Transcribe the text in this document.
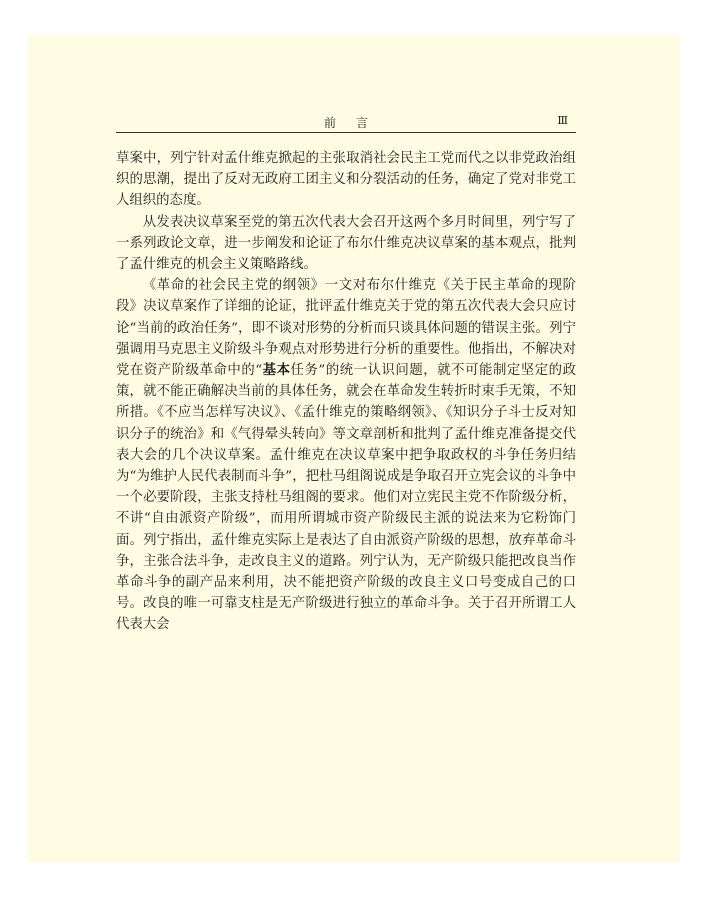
前言	Ⅲ

草案中，列宁针对孟什维克掀起的主张取消社会民主工党而代之以非党政治组织的思潮，提出了反对无政府工团主义和分裂活动的任务，确定了党对非党工人组织的态度。

从发表决议草案至党的第五次代表大会召开这两个多月时间里，列宁写了一系列政论文章，进一步阐发和论证了布尔什维克决议草案的基本观点，批判了孟什维克的机会主义策略路线。

《革命的社会民主党的纲领》一文对布尔什维克《关于民主革命的现阶段》决议草案作了详细的论证，批评孟什维克关于党的第五次代表大会只应讨论“当前的政治任务”，即不谈对形势的分析而只谈具体问题的错误主张。列宁强调用马克思主义阶级斗争观点对形势进行分析的重要性。他指出，不解决对党在资产阶级革命中的“基本任务”的统一认识问题，就不可能制定坚定的政策，就不能正确解决当前的具体任务，就会在革命发生转折时束手无策，不知所措。《不应当怎样写决议》、《孟什维克的策略纲领》、《知识分子斗士反对知识分子的统治》和《气得晕头转向》等文章剖析和批判了孟什维克准备提交代表大会的几个决议草案。孟什维克在决议草案中把争取政权的斗争任务归结为“为维护人民代表制而斗争”，把杜马组阁说成是争取召开立宪会议的斗争中一个必要阶段，主张支持杜马组阁的要求。他们对立宪民主党不作阶级分析，不讲“自由派资产阶级”，而用所谓城市资产阶级民主派的说法来为它粉饰门面。列宁指出，孟什维克实际上是表达了自由派资产阶级的思想，放弃革命斗争，主张合法斗争，走改良主义的道路。列宁认为，无产阶级只能把改良当作革命斗争的副产品来利用，决不能把资产阶级的改良主义口号变成自己的口号。改良的唯一可靠支柱是无产阶级进行独立的革命斗争。关于召开所谓工人代表大会
